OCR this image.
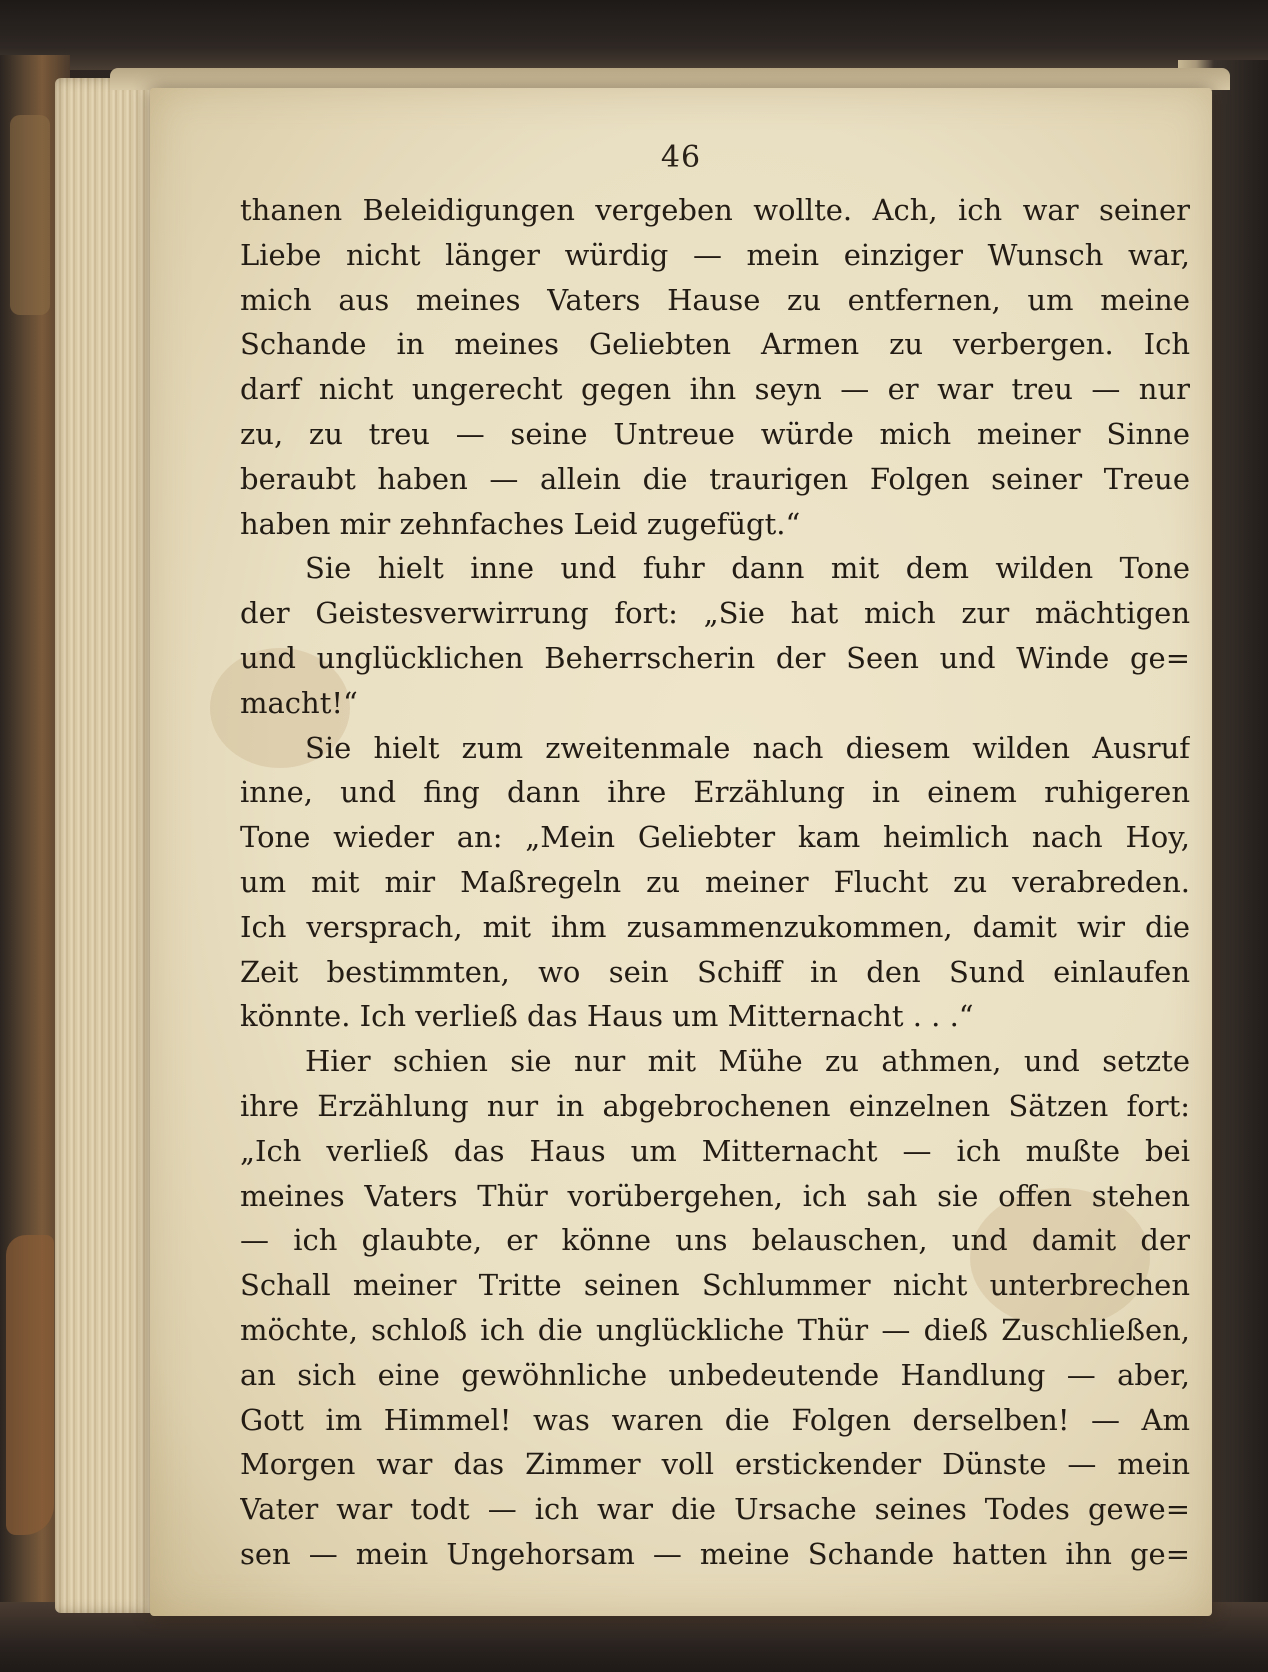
46
thanen Beleidigungen vergeben wollte. Ach, ich war seiner
Liebe nicht länger würdig — mein einziger Wunsch war,
mich aus meines Vaters Hause zu entfernen, um meine
Schande in meines Geliebten Armen zu verbergen. Ich
darf nicht ungerecht gegen ihn seyn — er war treu — nur
zu, zu treu — seine Untreue würde mich meiner Sinne
beraubt haben — allein die traurigen Folgen seiner Treue
haben mir zehnfaches Leid zugefügt.“
Sie hielt inne und fuhr dann mit dem wilden Tone
der Geistesverwirrung fort: „Sie hat mich zur mächtigen
und unglücklichen Beherrscherin der Seen und Winde ge=
macht!“
Sie hielt zum zweitenmale nach diesem wilden Ausruf
inne, und fing dann ihre Erzählung in einem ruhigeren
Tone wieder an: „Mein Geliebter kam heimlich nach Hoy,
um mit mir Maßregeln zu meiner Flucht zu verabreden.
Ich versprach, mit ihm zusammenzukommen, damit wir die
Zeit bestimmten, wo sein Schiff in den Sund einlaufen
könnte. Ich verließ das Haus um Mitternacht . . .“
Hier schien sie nur mit Mühe zu athmen, und setzte
ihre Erzählung nur in abgebrochenen einzelnen Sätzen fort:
„Ich verließ das Haus um Mitternacht — ich mußte bei
meines Vaters Thür vorübergehen, ich sah sie offen stehen
— ich glaubte, er könne uns belauschen, und damit der
Schall meiner Tritte seinen Schlummer nicht unterbrechen
möchte, schloß ich die unglückliche Thür — dieß Zuschließen,
an sich eine gewöhnliche unbedeutende Handlung — aber,
Gott im Himmel! was waren die Folgen derselben! — Am
Morgen war das Zimmer voll erstickender Dünste — mein
Vater war todt — ich war die Ursache seines Todes gewe=
sen — mein Ungehorsam — meine Schande hatten ihn ge=
